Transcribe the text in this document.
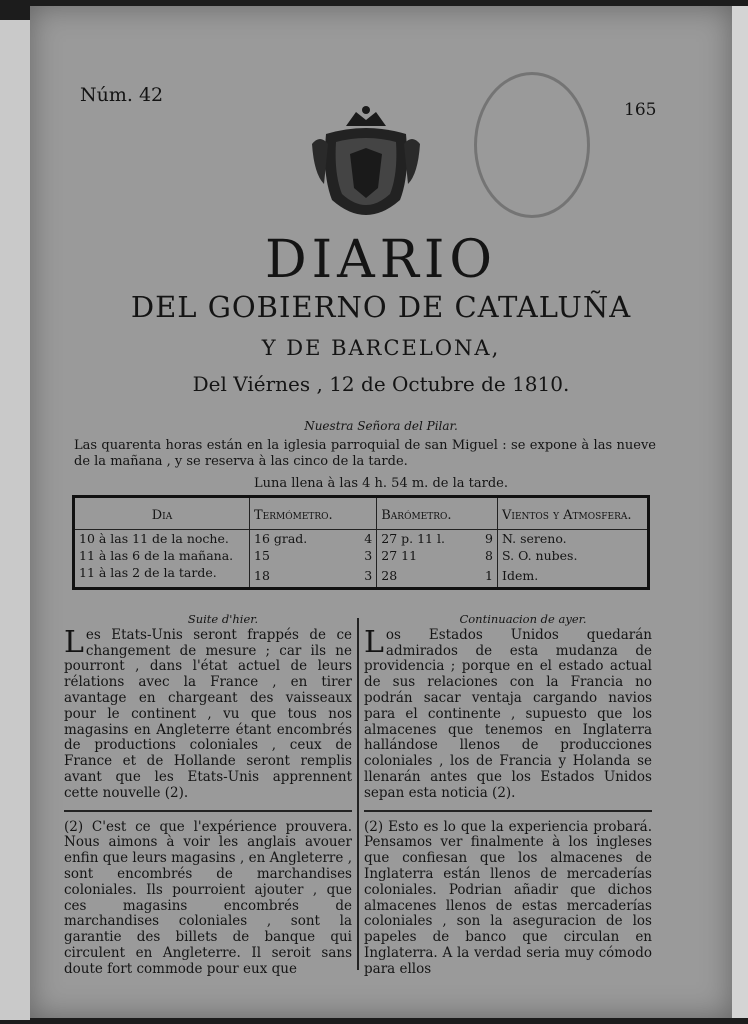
Núm. 42
165
DIARIO
DEL GOBIERNO DE CATALUÑA
Y DE BARCELONA,
Del Viérnes , 12 de Octubre de 1810.
Nuestra Señora del Pilar.
Las quarenta horas están en la iglesia parroquial de san Miguel : se expone à las nueve de la mañana , y se reserva à las cinco de la tarde.
Luna llena à las 4 h. 54 m. de la tarde.
Dia	Termómetro.		Barómetro.		Vientos y Atmosfera.
10 à las 11 de la noche.	16 grad.	4	27 p. 11 l.	9	N. sereno.
11 à las 6 de la mañana.	15	3	27 11	8	S. O. nubes.
11 à las 2 de la tarde.	18	3	28	1	Idem.
Suite d'hier.
L es Etats-Unis seront frappés de ce changement de mesure ; car ils ne pourront , dans l'état actuel de leurs rélations avec la France , en tirer avantage en chargeant des vaisseaux pour le continent , vu que tous nos magasins en Angleterre étant encombrés de productions coloniales , ceux de France et de Hollande seront remplis avant que les Etats-Unis apprennent cette nouvelle (2).
(2) C'est ce que l'expérience prouvera. Nous aimons à voir les anglais avouer enfin que leurs magasins , en Angleterre , sont encombrés de marchandises coloniales. Ils pourroient ajouter , que ces magasins encombrés de marchandises coloniales , sont la garantie des billets de banque qui circulent en Angleterre. Il seroit sans doute fort commode pour eux que
Continuacion de ayer.
L os Estados Unidos quedarán admirados de esta mudanza de providencia ; porque en el estado actual de sus relaciones con la Francia no podrán sacar ventaja cargando navios para el continente , supuesto que los almacenes que tenemos en Inglaterra hallándose llenos de producciones coloniales , los de Francia y Holanda se llenarán antes que los Estados Unidos sepan esta noticia (2).
(2) Esto es lo que la experiencia probará. Pensamos ver finalmente à los ingleses que confiesan que los almacenes de Inglaterra están llenos de mercaderías coloniales. Podrian añadir que dichos almacenes llenos de estas mercaderías coloniales , son la aseguracion de los papeles de banco que circulan en Inglaterra. A la verdad seria muy cómodo para ellos
